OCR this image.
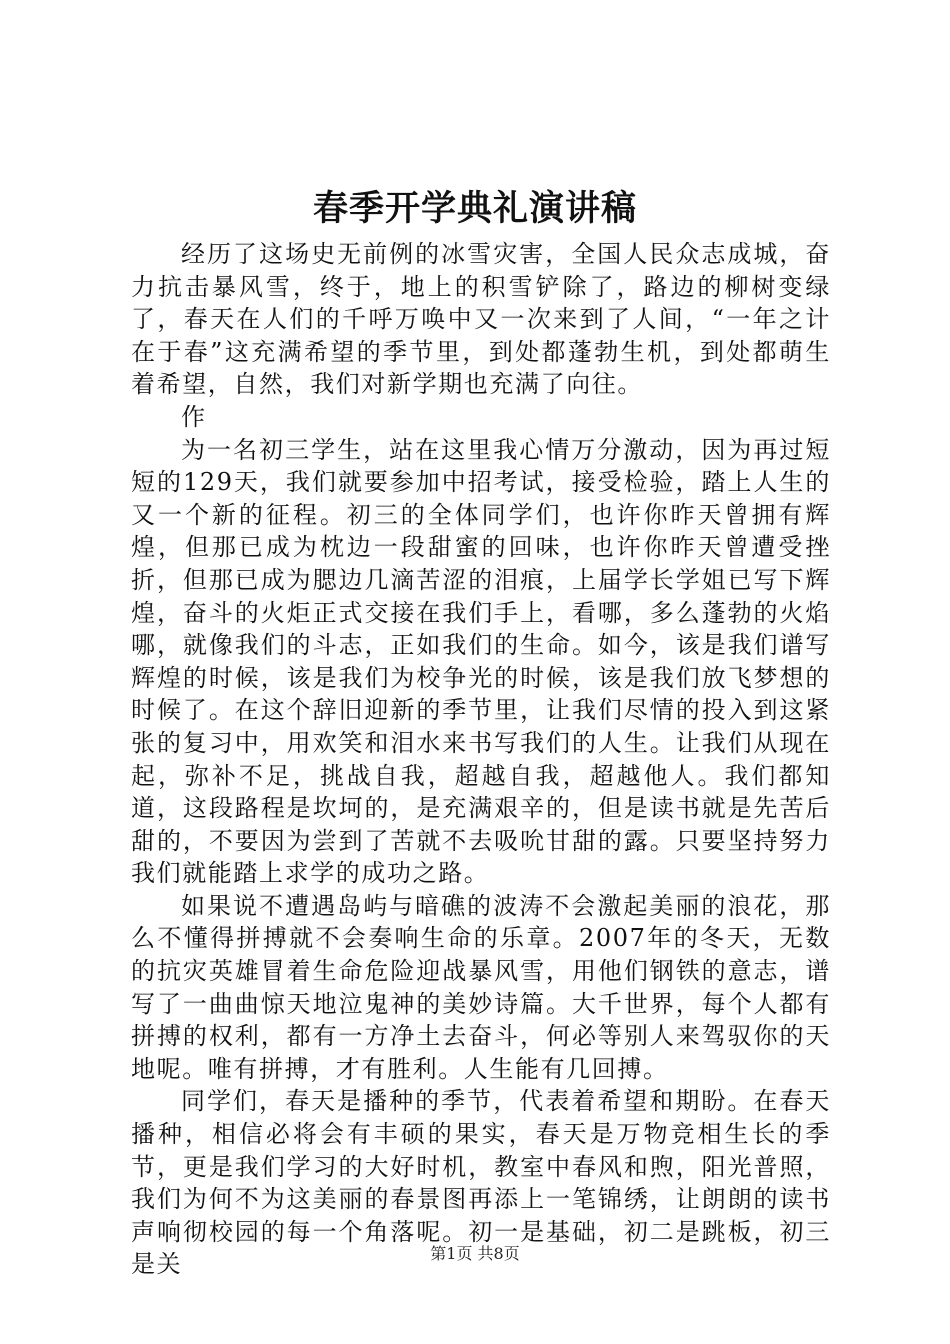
春季开学典礼演讲稿

经历了这场史无前例的冰雪灾害，全国人民众志成城，奋力抗击暴风雪，终于，地上的积雪铲除了，路边的柳树变绿了，春天在人们的千呼万唤中又一次来到了人间，“一年之计在于春”这充满希望的季节里，到处都蓬勃生机，到处都萌生着希望，自然，我们对新学期也充满了向往。

作

为一名初三学生，站在这里我心情万分激动，因为再过短短的129天，我们就要参加中招考试，接受检验，踏上人生的又一个新的征程。初三的全体同学们，也许你昨天曾拥有辉煌，但那已成为枕边一段甜蜜的回味，也许你昨天曾遭受挫折，但那已成为腮边几滴苦涩的泪痕，上届学长学姐已写下辉煌，奋斗的火炬正式交接在我们手上，看哪，多么蓬勃的火焰哪，就像我们的斗志，正如我们的生命。如今，该是我们谱写辉煌的时候，该是我们为校争光的时候，该是我们放飞梦想的时候了。在这个辞旧迎新的季节里，让我们尽情的投入到这紧张的复习中，用欢笑和泪水来书写我们的人生。让我们从现在起，弥补不足，挑战自我，超越自我，超越他人。我们都知道，这段路程是坎坷的，是充满艰辛的，但是读书就是先苦后甜的，不要因为尝到了苦就不去吸吮甘甜的露。只要坚持努力我们就能踏上求学的成功之路。

如果说不遭遇岛屿与暗礁的波涛不会激起美丽的浪花，那么不懂得拼搏就不会奏响生命的乐章。2007年的冬天，无数的抗灾英雄冒着生命危险迎战暴风雪，用他们钢铁的意志，谱写了一曲曲惊天地泣鬼神的美妙诗篇。大千世界，每个人都有拼搏的权利，都有一方净土去奋斗，何必等别人来驾驭你的天地呢。唯有拼搏，才有胜利。人生能有几回搏。

同学们，春天是播种的季节，代表着希望和期盼。在春天播种，相信必将会有丰硕的果实，春天是万物竞相生长的季节，更是我们学习的大好时机，教室中春风和煦，阳光普照，我们为何不为这美丽的春景图再添上一笔锦绣，让朗朗的读书声响彻校园的每一个角落呢。初一是基础，初二是跳板，初三是关	第1页 共8页
